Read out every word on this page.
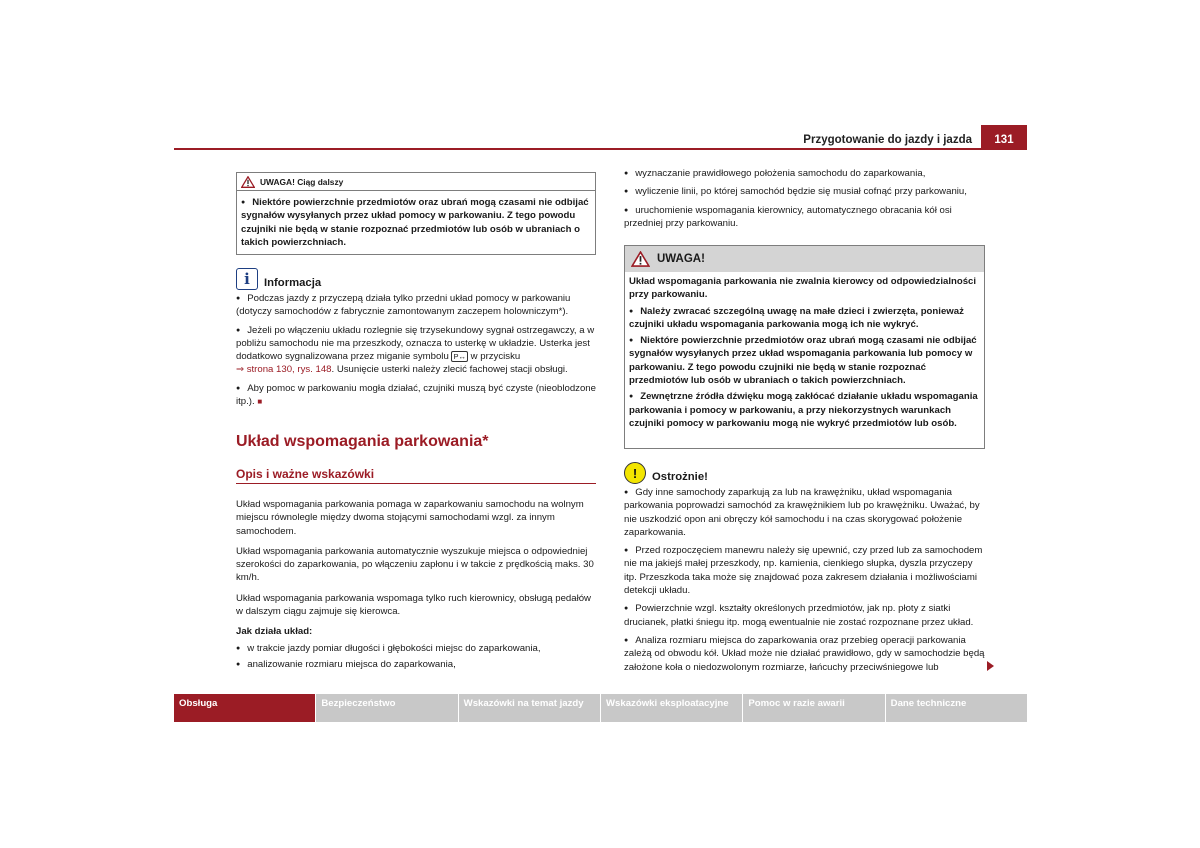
Przygotowanie do jazdy i jazda	131
UWAGA! Ciąg dalszy

● Niektóre powierzchnie przedmiotów oraz ubrań mogą czasami nie odbijać sygnałów wysyłanych przez układ pomocy w parkowaniu. Z tego powodu czujniki nie będą w stanie rozpoznać przedmiotów lub osób w ubraniach o takich powierzchniach.

i	Informacja

● Podczas jazdy z przyczepą działa tylko przedni układ pomocy w parkowaniu (dotyczy samochodów z fabrycznie zamontowanym zaczepem holowniczym*).

● Jeżeli po włączeniu układu rozlegnie się trzysekundowy sygnał ostrzegawczy, a w pobliżu samochodu nie ma przeszkody, oznacza to usterkę w układzie. Usterka jest dodatkowo sygnalizowana przez miganie symbolu P↔ w przycisku
⇒ strona 130, rys. 148. Usunięcie usterki należy zlecić fachowej stacji obsługi.

● Aby pomoc w parkowaniu mogła działać, czujniki muszą być czyste (nieoblodzone itp.). ■

Układ wspomagania parkowania*
Opis i ważne wskazówki

Układ wspomagania parkowania pomaga w zaparkowaniu samochodu na wolnym miejscu równolegle między dwoma stojącymi samochodami wzgl. za innym samochodem.

Układ wspomagania parkowania automatycznie wyszukuje miejsca o odpowiedniej szerokości do zaparkowania, po włączeniu zapłonu i w takcie z prędkością maks. 30 km/h.

Układ wspomagania parkowania wspomaga tylko ruch kierownicy, obsługą pedałów w dalszym ciągu zajmuje się kierowca.

Jak działa układ:

● w trakcie jazdy pomiar długości i głębokości miejsc do zaparkowania,

● analizowanie rozmiaru miejsca do zaparkowania,

● wyznaczanie prawidłowego położenia samochodu do zaparkowania,

● wyliczenie linii, po której samochód będzie się musiał cofnąć przy parkowaniu,

● uruchomienie wspomagania kierownicy, automatycznego obracania kół osi przedniej przy parkowaniu.

UWAGA!

Układ wspomagania parkowania nie zwalnia kierowcy od odpowiedzialności przy parkowaniu.

● Należy zwracać szczególną uwagę na małe dzieci i zwierzęta, ponieważ czujniki układu wspomagania parkowania mogą ich nie wykryć.

● Niektóre powierzchnie przedmiotów oraz ubrań mogą czasami nie odbijać sygnałów wysyłanych przez układ wspomagania parkowania lub pomocy w parkowaniu. Z tego powodu czujniki nie będą w stanie rozpoznać przedmiotów lub osób w ubraniach o takich powierzchniach.

● Zewnętrzne źródła dźwięku mogą zakłócać działanie układu wspomagania parkowania i pomocy w parkowaniu, a przy niekorzystnych warunkach czujniki pomocy w parkowaniu mogą nie wykryć przedmiotów lub osób.

!	Ostrożnie!

● Gdy inne samochody zaparkują za lub na krawężniku, układ wspomagania parkowania poprowadzi samochód za krawężnikiem lub po krawężniku. Uważać, by nie uszkodzić opon ani obręczy kół samochodu i na czas skorygować położenie zaparkowania.

● Przed rozpoczęciem manewru należy się upewnić, czy przed lub za samochodem nie ma jakiejś małej przeszkody, np. kamienia, cienkiego słupka, dyszla przyczepy itp. Przeszkoda taka może się znajdować poza zakresem działania i możliwościami detekcji układu.

● Powierzchnie wzgl. kształty określonych przedmiotów, jak np. płoty z siatki drucianek, płatki śniegu itp. mogą ewentualnie nie zostać rozpoznane przez układ.

● Analiza rozmiaru miejsca do zaparkowania oraz przebieg operacji parkowania zależą od obwodu kół. Układ może nie działać prawidłowo, gdy w samochodzie będą założone koła o niedozwolonym rozmiarze, łańcuchy przeciwśniegowe lub

Obsługa	Bezpieczeństwo	Wskazówki na temat jazdy	Wskazówki eksploatacyjne	Pomoc w razie awarii	Dane techniczne
